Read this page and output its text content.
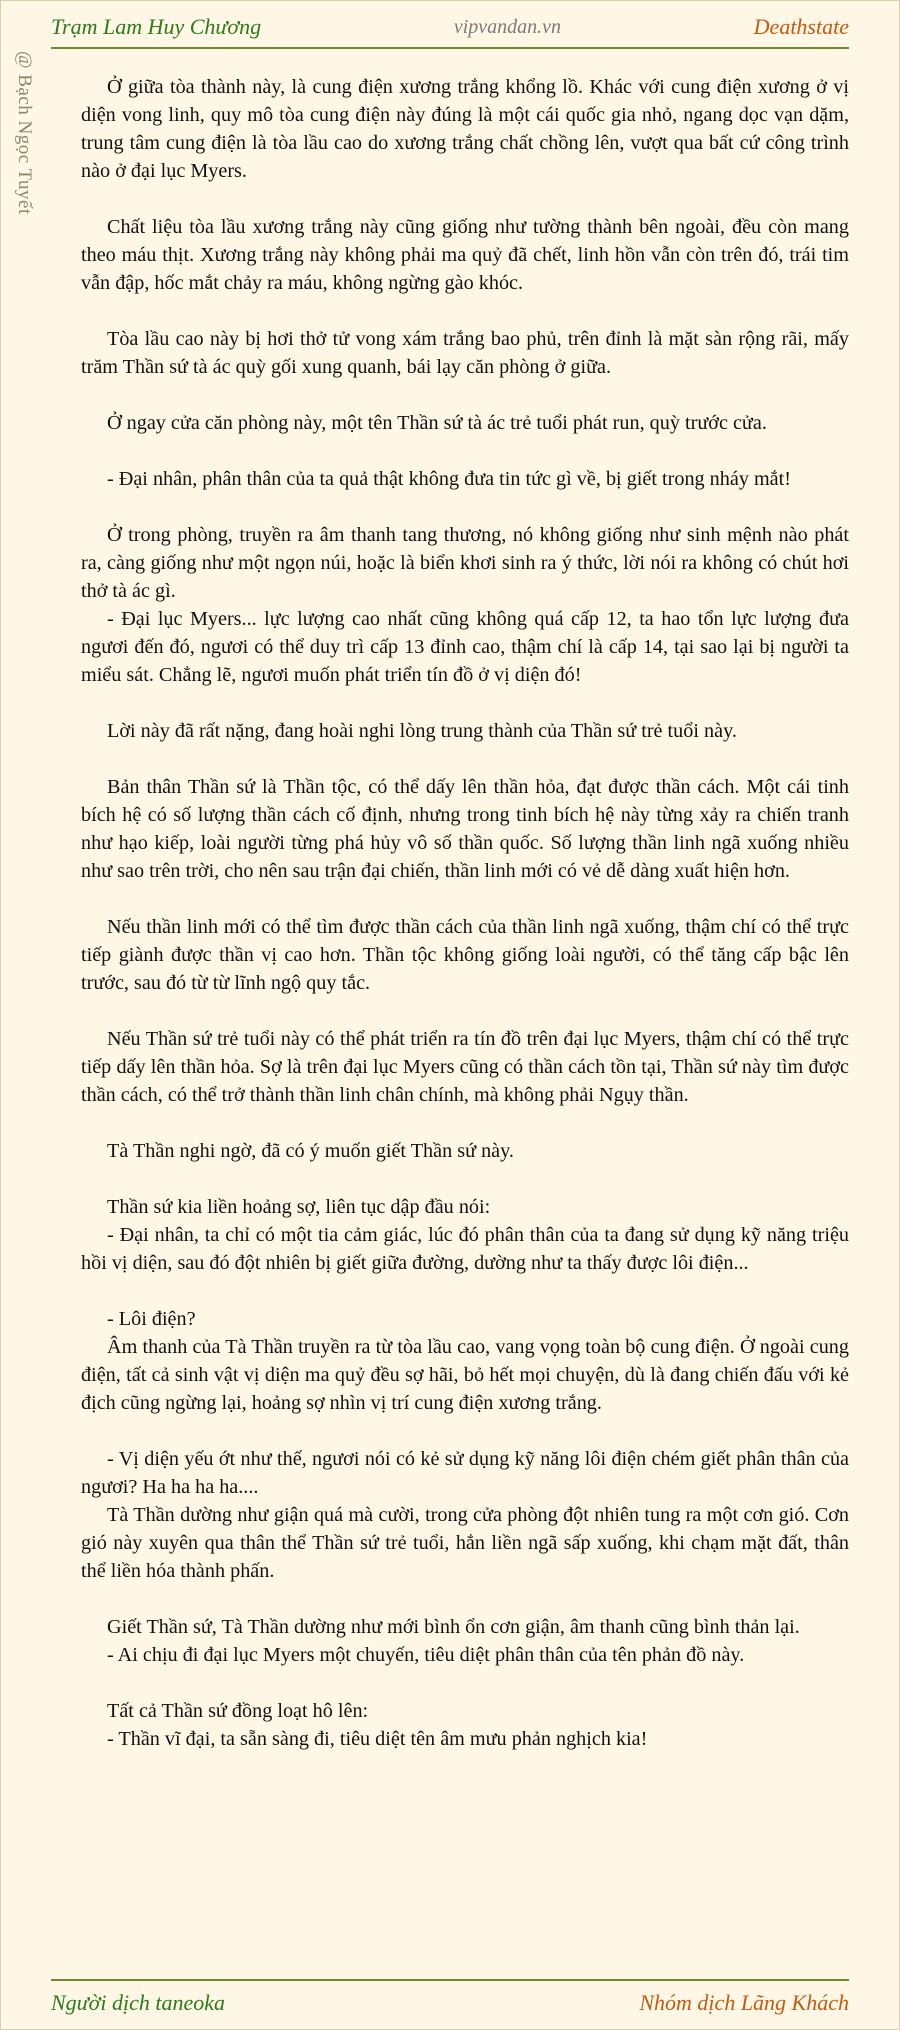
Trạm Lam Huy Chương	vipvandan.vn	Deathstate
@ Bạch Ngọc Tuyết	Ở giữa tòa thành này, là cung điện xương trắng khổng lồ. Khác với cung điện xương ở vị diện vong linh, quy mô tòa cung điện này đúng là một cái quốc gia nhỏ, ngang dọc vạn dặm, trung tâm cung điện là tòa lầu cao do xương trắng chất chồng lên, vượt qua bất cứ công trình nào ở đại lục Myers.

Chất liệu tòa lầu xương trắng này cũng giống như tường thành bên ngoài, đều còn mang theo máu thịt. Xương trắng này không phải ma quỷ đã chết, linh hồn vẫn còn trên đó, trái tim vẫn đập, hốc mắt chảy ra máu, không ngừng gào khóc.

Tòa lầu cao này bị hơi thở tử vong xám trắng bao phủ, trên đỉnh là mặt sàn rộng rãi, mấy trăm Thần sứ tà ác quỳ gối xung quanh, bái lạy căn phòng ở giữa.

Ở ngay cửa căn phòng này, một tên Thần sứ tà ác trẻ tuổi phát run, quỳ trước cửa.

- Đại nhân, phân thân của ta quả thật không đưa tin tức gì về, bị giết trong nháy mắt!

Ở trong phòng, truyền ra âm thanh tang thương, nó không giống như sinh mệnh nào phát ra, càng giống như một ngọn núi, hoặc là biển khơi sinh ra ý thức, lời nói ra không có chút hơi thở tà ác gì.

- Đại lục Myers... lực lượng cao nhất cũng không quá cấp 12, ta hao tổn lực lượng đưa ngươi đến đó, ngươi có thể duy trì cấp 13 đỉnh cao, thậm chí là cấp 14, tại sao lại bị người ta miểu sát. Chẳng lẽ, ngươi muốn phát triển tín đồ ở vị diện đó!

Lời này đã rất nặng, đang hoài nghi lòng trung thành của Thần sứ trẻ tuổi này.

Bản thân Thần sứ là Thần tộc, có thể dấy lên thần hỏa, đạt được thần cách. Một cái tinh bích hệ có số lượng thần cách cố định, nhưng trong tinh bích hệ này từng xảy ra chiến tranh như hạo kiếp, loài người từng phá hủy vô số thần quốc. Số lượng thần linh ngã xuống nhiều như sao trên trời, cho nên sau trận đại chiến, thần linh mới có vẻ dễ dàng xuất hiện hơn.

Nếu thần linh mới có thể tìm được thần cách của thần linh ngã xuống, thậm chí có thể trực tiếp giành được thần vị cao hơn. Thần tộc không giống loài người, có thể tăng cấp bậc lên trước, sau đó từ từ lĩnh ngộ quy tắc.

Nếu Thần sứ trẻ tuổi này có thể phát triển ra tín đồ trên đại lục Myers, thậm chí có thể trực tiếp dấy lên thần hỏa. Sợ là trên đại lục Myers cũng có thần cách tồn tại, Thần sứ này tìm được thần cách, có thể trở thành thần linh chân chính, mà không phải Ngụy thần.

Tà Thần nghi ngờ, đã có ý muốn giết Thần sứ này.

Thần sứ kia liền hoảng sợ, liên tục dập đầu nói:

- Đại nhân, ta chỉ có một tia cảm giác, lúc đó phân thân của ta đang sử dụng kỹ năng triệu hồi vị diện, sau đó đột nhiên bị giết giữa đường, dường như ta thấy được lôi điện...

- Lôi điện?

Âm thanh của Tà Thần truyền ra từ tòa lầu cao, vang vọng toàn bộ cung điện. Ở ngoài cung điện, tất cả sinh vật vị diện ma quỷ đều sợ hãi, bỏ hết mọi chuyện, dù là đang chiến đấu với kẻ địch cũng ngừng lại, hoảng sợ nhìn vị trí cung điện xương trắng.

- Vị diện yếu ớt như thế, ngươi nói có kẻ sử dụng kỹ năng lôi điện chém giết phân thân của ngươi? Ha ha ha ha....

Tà Thần dường như giận quá mà cười, trong cửa phòng đột nhiên tung ra một cơn gió. Cơn gió này xuyên qua thân thể Thần sứ trẻ tuổi, hắn liền ngã sấp xuống, khi chạm mặt đất, thân thể liền hóa thành phấn.

Giết Thần sứ, Tà Thần dường như mới bình ổn cơn giận, âm thanh cũng bình thản lại.

- Ai chịu đi đại lục Myers một chuyến, tiêu diệt phân thân của tên phản đồ này.

Tất cả Thần sứ đồng loạt hô lên:

- Thần vĩ đại, ta sẵn sàng đi, tiêu diệt tên âm mưu phản nghịch kia!

Người dịch taneoka	Nhóm dịch Lãng Khách
